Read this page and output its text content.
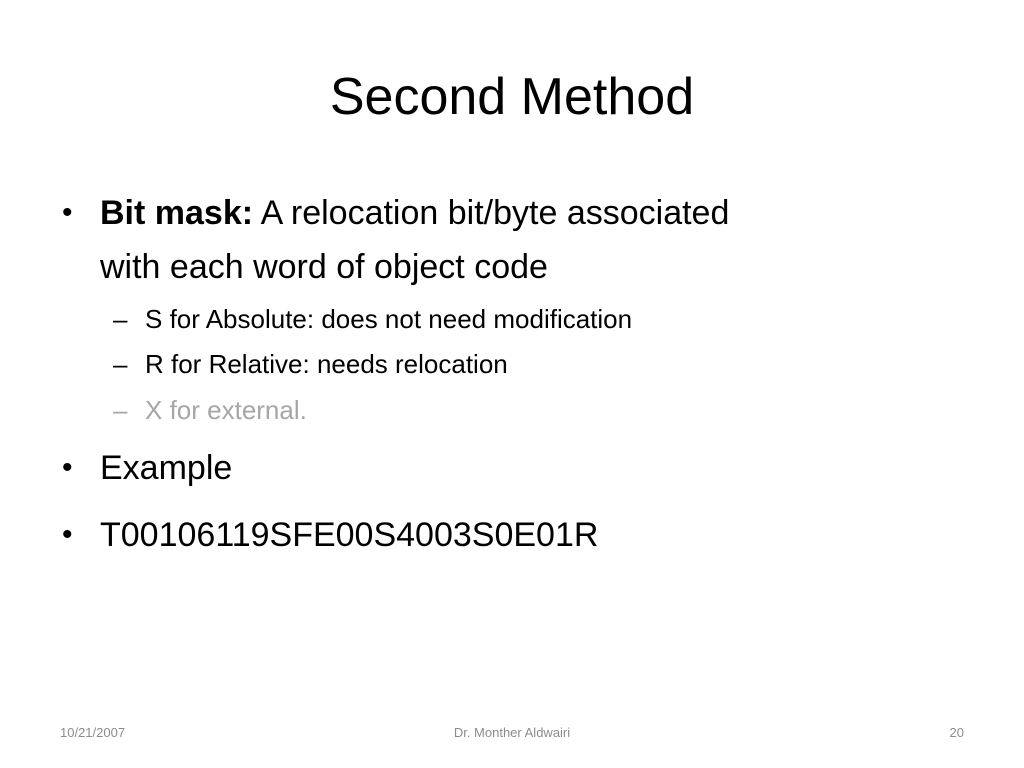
Second Method
• Bit mask: A relocation bit/byte associated
with each word of object code
– S for Absolute: does not need modification
– R for Relative: needs relocation
– X for external.
• Example
• T00106119SFE00S4003S0E01R
10/21/2007	Dr. Monther Aldwairi	20
